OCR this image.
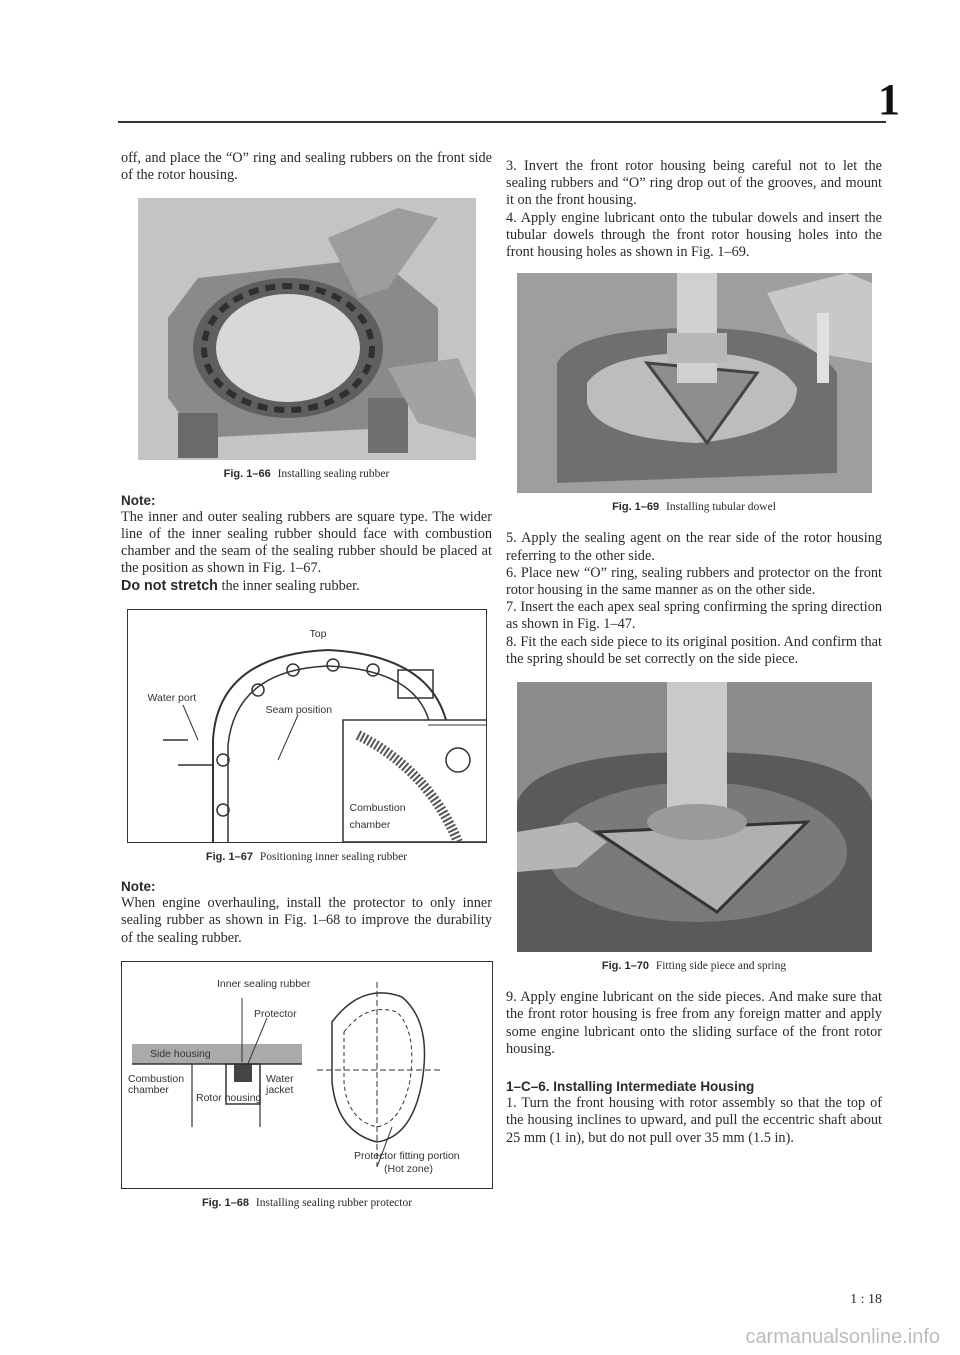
1

off, and place the “O” ring and sealing rubbers on the front side of the rotor housing.

Fig. 1–66 Installing sealing rubber
Note:

The inner and outer sealing rubbers are square type. The wider line of the inner sealing rubber should face with combustion chamber and the seam of the sealing rubber should be placed at the position as shown in Fig. 1–67.

Do not stretch the inner sealing rubber.

Top
Water port
Seam position
Combustion chamber
Fig. 1–67 Positioning inner sealing rubber
Note:

When engine overhauling, install the protector to only inner sealing rubber as shown in Fig. 1–68 to improve the durability of the sealing rubber.

Inner sealing rubber
Protector
Side housing
Combustion chamber
Rotor housing
Water jacket
Protector fitting portion
(Hot zone)
Fig. 1–68 Installing sealing rubber protector

3. Invert the front rotor housing being careful not to let the sealing rubbers and “O” ring drop out of the grooves, and mount it on the front housing.

4. Apply engine lubricant onto the tubular dowels and insert the tubular dowels through the front rotor housing holes into the front housing holes as shown in Fig. 1–69.

Fig. 1–69 Installing tubular dowel

5. Apply the sealing agent on the rear side of the rotor housing referring to the other side.

6. Place new “O” ring, sealing rubbers and protector on the front rotor housing in the same manner as on the other side.

7. Insert the each apex seal spring confirming the spring direction as shown in Fig. 1–47.

8. Fit the each side piece to its original position. And confirm that the spring should be set correctly on the side piece.

Fig. 1–70 Fitting side piece and spring

9. Apply engine lubricant on the side pieces. And make sure that the front rotor housing is free from any foreign matter and apply some engine lubricant onto the sliding surface of the front rotor housing.

1–C–6. Installing Intermediate Housing

1. Turn the front housing with rotor assembly so that the top of the housing inclines to upward, and pull the eccentric shaft about 25 mm (1 in), but do not pull over 35 mm (1.5 in).

1 : 18
carmanualsonline.info
